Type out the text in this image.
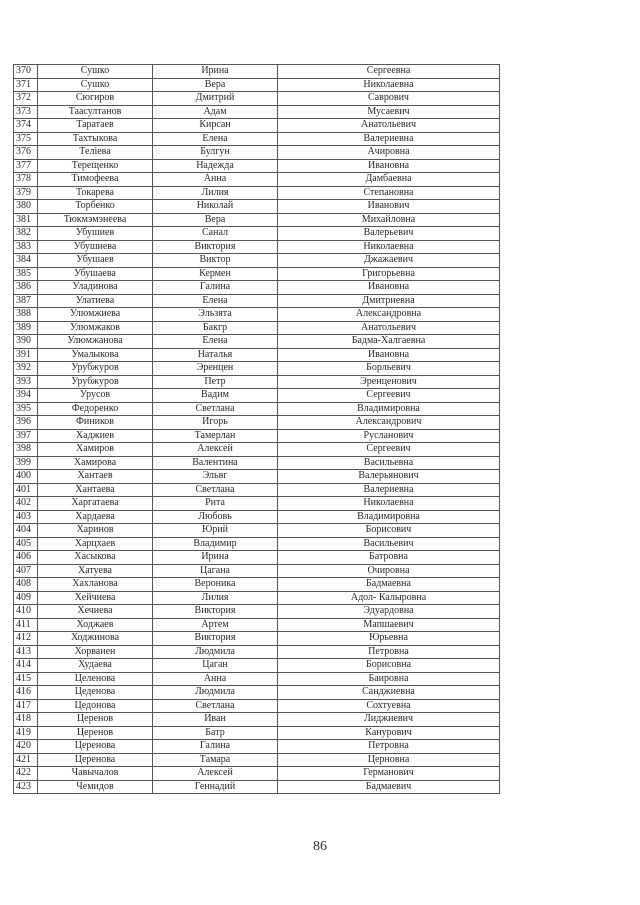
370	Сушко	Ирина	Сергеевна
371	Сушко	Вера	Николаевна
372	Сюгиров	Дмитрий	Саврович
373	Таасултанов	Адам	Мусаевич
374	Таратаев	Кирсан	Анатольевич
375	Тахтыкова	Елена	Валериевна
376	Теліева	Булгун	Ачировна
377	Терещенко	Надежда	Ивановна
378	Тимофеева	Анна	Дамбаевна
379	Токарева	Лилия	Степановна
380	Торбенко	Николай	Иванович
381	Тюкмэмэнеева	Вера	Михайловна
382	Убушиев	Санал	Валерьевич
383	Убушиева	Виктория	Николаевна
384	Убушаев	Виктор	Джажаевич
385	Убушаева	Кермен	Григорьевна
386	Уладинова	Галина	Ивановна
387	Улатиева	Елена	Дмитриевна
388	Улюмжиева	Эльзята	Александровна
389	Улюмжаков	Бакгр	Анатольевич
390	Улюмжанова	Елена	Бадма-Халгаевна
391	Умалыкова	Наталья	Ивановна
392	Урубжуров	Эренцен	Борльевич
393	Урубжуров	Петр	Эренценович
394	Урусов	Вадим	Сергеевич
395	Федоренко	Светлана	Владимировна
396	Фиников	Игорь	Александрович
397	Хаджиев	Тамерлан	Русланович
398	Хамиров	Алексей	Сергеевич
399	Хамирова	Валентина	Васильевна
400	Хантаев	Эльвг	Валерьянович
401	Хантаева	Светлана	Валериевна
402	Харгатаева	Рита	Николаевна
403	Хардаева	Любовь	Владимировна
404	Харинов	Юрий	Борисович
405	Харцхаев	Владимир	Васильевич
406	Хасыкова	Ирина	Батровна
407	Хатуева	Цагана	Очировна
408	Хахланова	Вероника	Бадмаевна
409	Хейчиева	Лилия	Адол- Калыровна
410	Хечиева	Виктория	Эдуардовна
411	Ходжаев	Артем	Мапшаевич
412	Ходжинова	Виктория	Юрьевна
413	Хорваиен	Людмила	Петровна
414	Худаева	Цаган	Борисовна
415	Целенова	Анна	Баировна
416	Цеденова	Людмила	Санджиевна
417	Цедонова	Светлана	Сохтуевна
418	Церенов	Иван	Лиджиевич
419	Церенов	Батр	Канурович
420	Церенова	Галина	Петровна
421	Церенова	Тамара	Церновна
422	Чавычалов	Алексей	Германович
423	Чемидов	Геннадий	Бадмаевич
86
